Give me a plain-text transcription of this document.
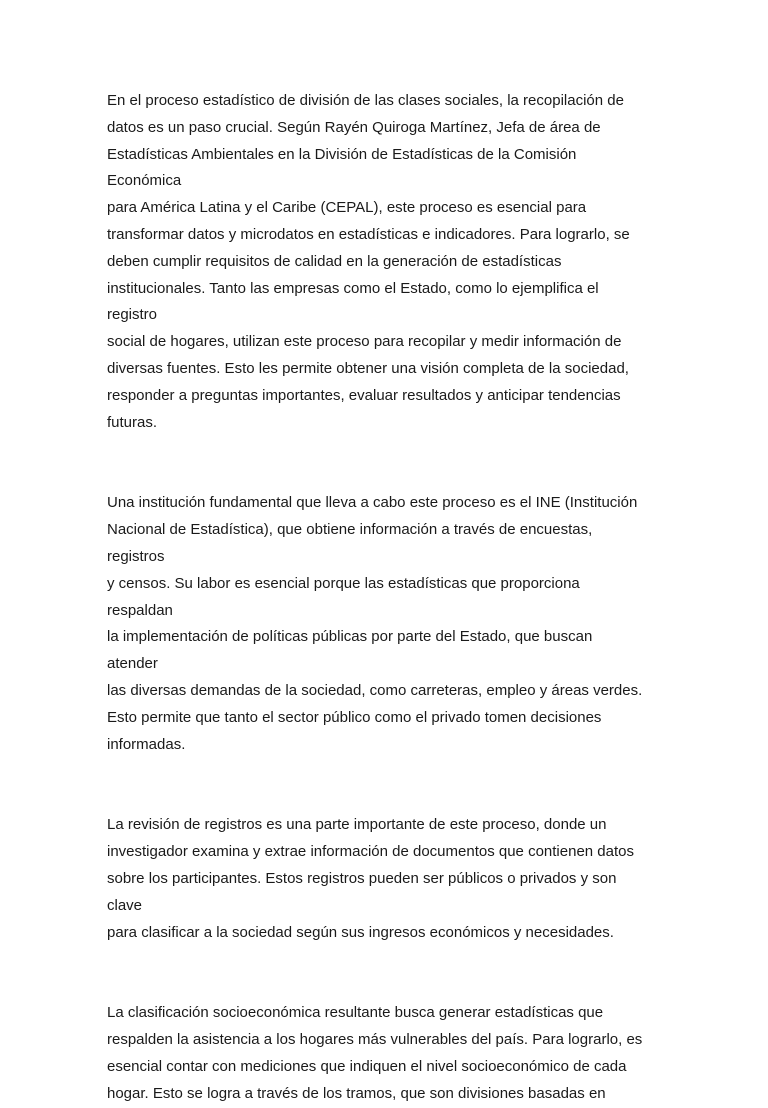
En el proceso estadístico de división de las clases sociales, la recopilación de
datos es un paso crucial. Según Rayén Quiroga Martínez, Jefa de área de
Estadísticas Ambientales en la División de Estadísticas de la Comisión Económica
para América Latina y el Caribe (CEPAL), este proceso es esencial para
transformar datos y microdatos en estadísticas e indicadores. Para lograrlo, se
deben cumplir requisitos de calidad en la generación de estadísticas
institucionales. Tanto las empresas como el Estado, como lo ejemplifica el registro
social de hogares, utilizan este proceso para recopilar y medir información de
diversas fuentes. Esto les permite obtener una visión completa de la sociedad,
responder a preguntas importantes, evaluar resultados y anticipar tendencias
futuras.

Una institución fundamental que lleva a cabo este proceso es el INE (Institución
Nacional de Estadística), que obtiene información a través de encuestas, registros
y censos. Su labor es esencial porque las estadísticas que proporciona respaldan
la implementación de políticas públicas por parte del Estado, que buscan atender
las diversas demandas de la sociedad, como carreteras, empleo y áreas verdes.
Esto permite que tanto el sector público como el privado tomen decisiones
informadas.

La revisión de registros es una parte importante de este proceso, donde un
investigador examina y extrae información de documentos que contienen datos
sobre los participantes. Estos registros pueden ser públicos o privados y son clave
para clasificar a la sociedad según sus ingresos económicos y necesidades.

La clasificación socioeconómica resultante busca generar estadísticas que
respalden la asistencia a los hogares más vulnerables del país. Para lograrlo, es
esencial contar con mediciones que indiquen el nivel socioeconómico de cada
hogar. Esto se logra a través de los tramos, que son divisiones basadas en
